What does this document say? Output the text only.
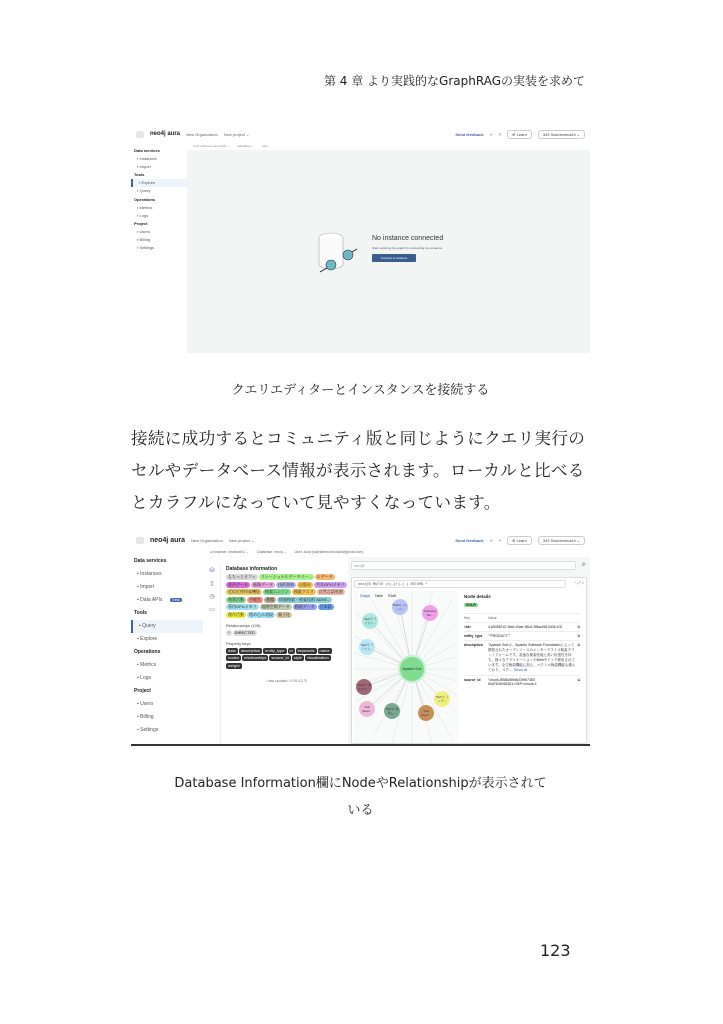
第 4 章 より実践的なGraphRAGの実装を求めて
neo4j aura New Organization New project ⌄	Send feedback ✧ ?	⊕ Learn	343 Sashimimochi ⌄
● No instance connected ⌄	Database ⌄	User
Data services
▪ Instances
▪ Import
Tools
▪ Explore
▪ Query
Operations
▪ Metrics
▪ Logs
Project
▪ Users
▪ Billing
▪ Settings
No instance connected
Start exploring the graph by connecting to a instance.
Connect to instance
クエリエディターとインスタンスを接続する
接続に成功するとコミュニティ版と同じようにクエリ実行のセルやデータベース情報が表示されます。ローカルと比べるとカラフルになっていて見やすくなっています。
neo4j aura New Organization New project ⌄	Send feedback ✧ ?	⊕ Learn	343 Sashimimochi ⌄
● Instance: instance01 ⌄ Database: neo4j ⌄ User: Aura (sashimimochi.clark@gmail.com)
Data services
▪ Instances
▪ Import
▪ Data APIs	Beta
Tools
▪ Query
▪ Explore
Operations
▪ Metrics
▪ Logs
Project
▪ Users
▪ Billing
▪ Settings
⛁
▯
◷
▭
Database information
もちっとカフェ リレーショナルデータベー... ルデータ音声データ 画像データ 技術書典 出版社 共有GPUメモリ近似近傍探索機能 検索エンジン 検索クエリ 自然言語処理執筆活動 手帳室 書籍 情報検索・検索技術 ADVE...専用GPUメモリ 地理空間データ 動画データ 日本語創作活動 埋め込み表現 量子化
Relationships (105)
* DIRECTED
Property keys
data description entity_type id keywords namenodes relationships source_id style visualizationweight
Last update: 0:39:12 ↻
neo4j$	⚙
neo4j$ MATCH (n)-[r]-( ) RETURN *	^ ⤢ ×
Graph Table RAW
"Solrの フィール...	"Faceting" Tec...
"Solrで ライアン...
"Solrで ライアン...
"Javaで 書かれた...
"Solrで インデ...
"Solr (facet...	"Solrを 検索し...	"Solr (facet...
Apache Solr
Node details
SOLR
Key	Value
<id>	4:a93587a7-5bef-40ae-95cd-2f8ac0813406:102	⧉
entity_type	""PRODUCT""	⧉
description	"Apache Solrは、Apache Software Foundationによって開発されたオープンソースのエンタープライズ検索プラットフォームです。高速な検索性能と高い拡張性を持ち、様々なアプリケーションやWebサイトで使用されています。全文検索機能に加え、ベクトル検索機能も備えており、ベク... Show all
⧉
source_id	"chunk-8f380d59db239fb7383 64d7639063261<SEP>chunk-1
⧉
Database Information欄にNodeやRelationshipが表示されて
いる
123
